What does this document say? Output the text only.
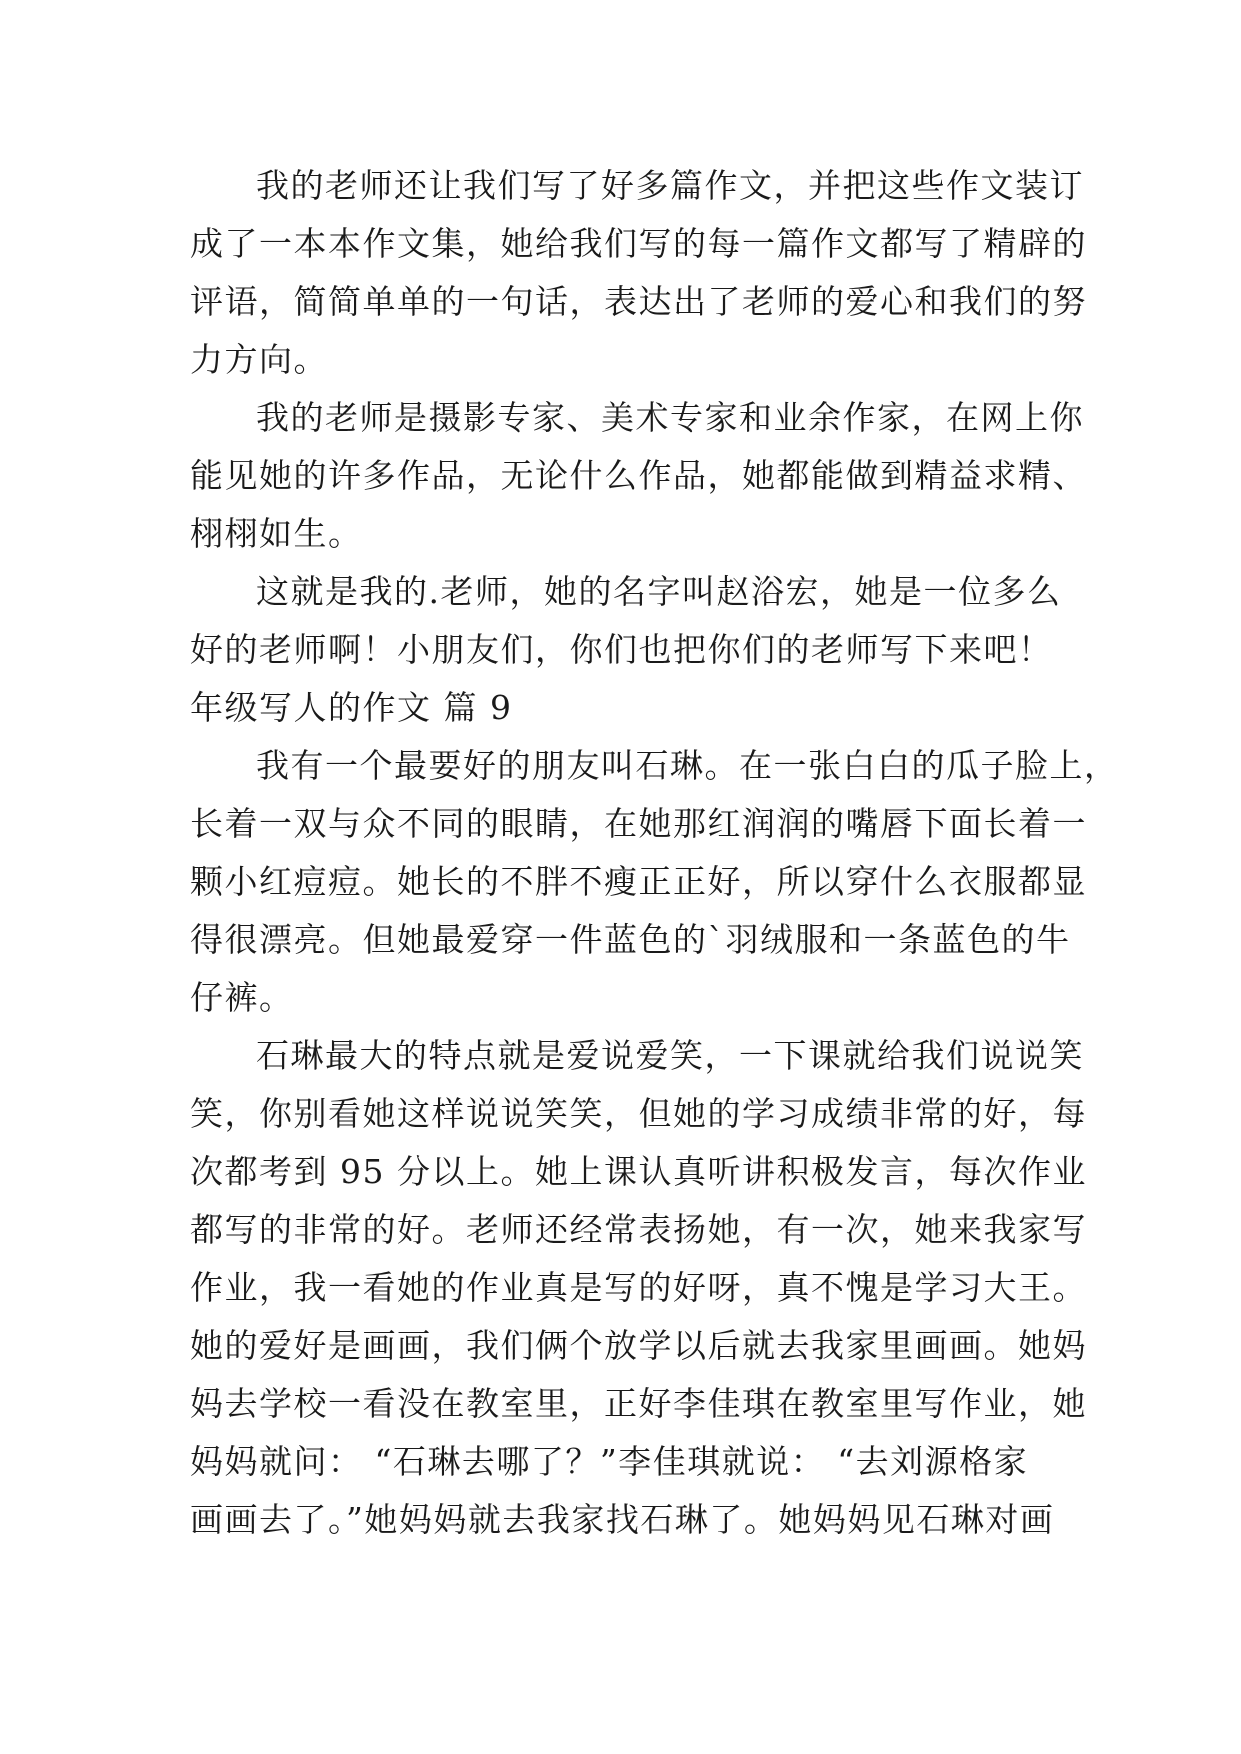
我的老师还让我们写了好多篇作文，并把这些作文装订
成了一本本作文集，她给我们写的每一篇作文都写了精辟的
评语，简简单单的一句话，表达出了老师的爱心和我们的努
力方向。
我的老师是摄影专家、美术专家和业余作家，在网上你
能见她的许多作品，无论什么作品，她都能做到精益求精、
栩栩如生。
这就是我的.老师，她的名字叫赵浴宏，她是一位多么
好的老师啊！小朋友们，你们也把你们的老师写下来吧！
年级写人的作文 篇 9
我有一个最要好的朋友叫石琳。在一张白白的瓜子脸上，
长着一双与众不同的眼睛，在她那红润润的嘴唇下面长着一
颗小红痘痘。她长的不胖不瘦正正好，所以穿什么衣服都显
得很漂亮。但她最爱穿一件蓝色的`羽绒服和一条蓝色的牛
仔裤。
石琳最大的特点就是爱说爱笑，一下课就给我们说说笑
笑，你别看她这样说说笑笑，但她的学习成绩非常的好，每
次都考到 95 分以上。她上课认真听讲积极发言，每次作业
都写的非常的好。老师还经常表扬她，有一次，她来我家写
作业，我一看她的作业真是写的好呀，真不愧是学习大王。
她的爱好是画画，我们俩个放学以后就去我家里画画。她妈
妈去学校一看没在教室里，正好李佳琪在教室里写作业，她
妈妈就问： “石琳去哪了？”李佳琪就说： “去刘源格家
画画去了。”她妈妈就去我家找石琳了。她妈妈见石琳对画
